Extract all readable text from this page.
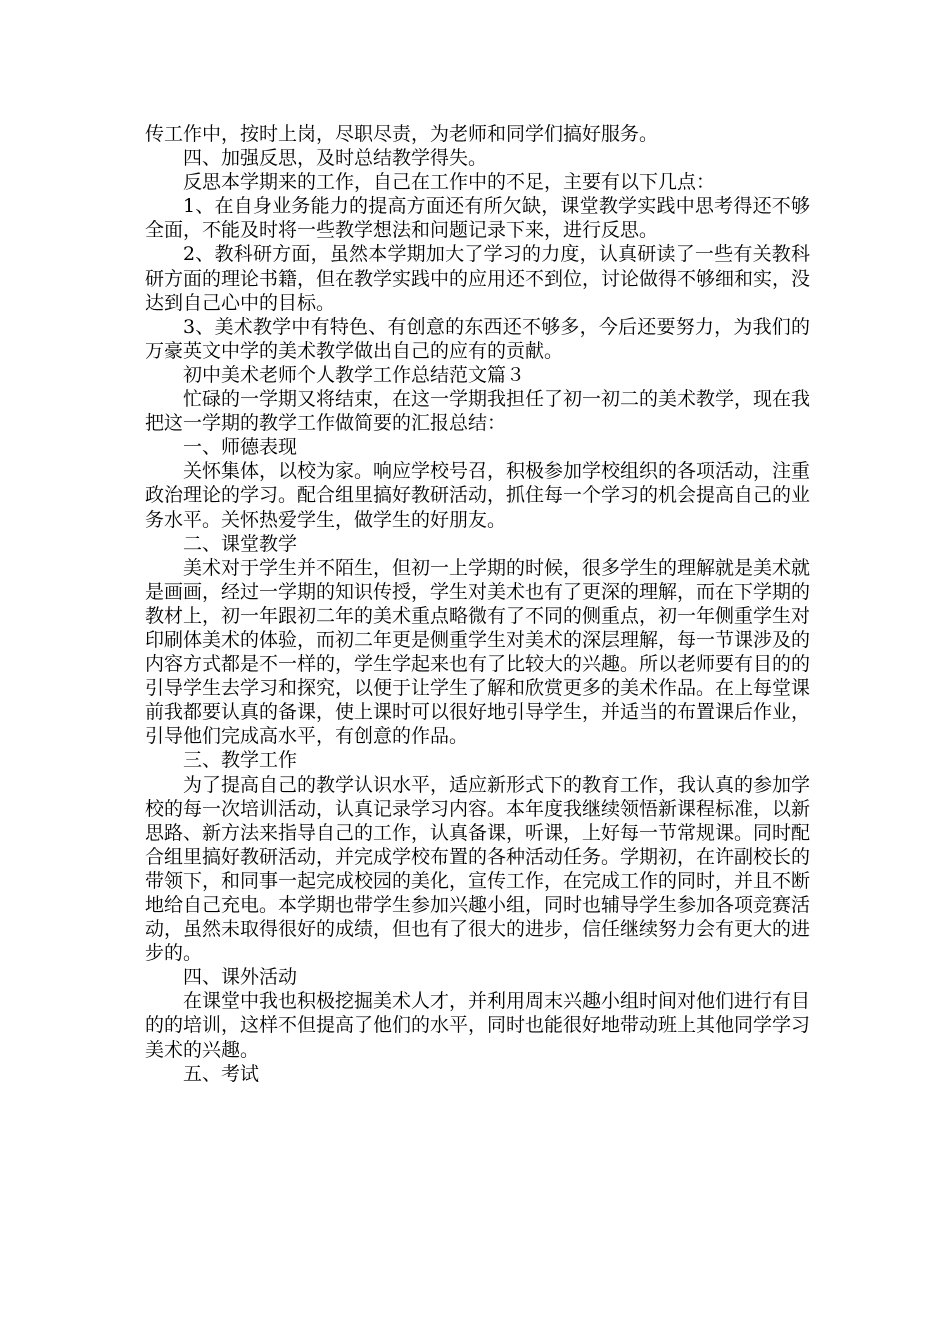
传工作中，按时上岗，尽职尽责，为老师和同学们搞好服务。

四、加强反思，及时总结教学得失。

反思本学期来的工作，自己在工作中的不足，主要有以下几点：

1、在自身业务能力的提高方面还有所欠缺，课堂教学实践中思考得还不够全面，不能及时将一些教学想法和问题记录下来，进行反思。

2、教科研方面，虽然本学期加大了学习的力度，认真研读了一些有关教科研方面的理论书籍，但在教学实践中的应用还不到位，讨论做得不够细和实，没达到自己心中的目标。

3、美术教学中有特色、有创意的东西还不够多，今后还要努力，为我们的万豪英文中学的美术教学做出自己的应有的贡献。

初中美术老师个人教学工作总结范文篇３

忙碌的一学期又将结束，在这一学期我担任了初一初二的美术教学，现在我把这一学期的教学工作做简要的汇报总结：

一、师德表现

关怀集体，以校为家。响应学校号召，积极参加学校组织的各项活动，注重政治理论的学习。配合组里搞好教研活动，抓住每一个学习的机会提高自己的业务水平。关怀热爱学生，做学生的好朋友。

二、课堂教学

美术对于学生并不陌生，但初一上学期的时候，很多学生的理解就是美术就是画画，经过一学期的知识传授，学生对美术也有了更深的理解，而在下学期的教材上，初一年跟初二年的美术重点略微有了不同的侧重点，初一年侧重学生对印刷体美术的体验，而初二年更是侧重学生对美术的深层理解，每一节课涉及的内容方式都是不一样的，学生学起来也有了比较大的兴趣。所以老师要有目的的引导学生去学习和探究，以便于让学生了解和欣赏更多的美术作品。在上每堂课前我都要认真的备课，使上课时可以很好地引导学生，并适当的布置课后作业，引导他们完成高水平，有创意的作品。

三、教学工作

为了提高自己的教学认识水平，适应新形式下的教育工作，我认真的参加学校的每一次培训活动，认真记录学习内容。本年度我继续领悟新课程标准，以新思路、新方法来指导自己的工作，认真备课，听课，上好每一节常规课。同时配合组里搞好教研活动，并完成学校布置的各种活动任务。学期初，在许副校长的带领下，和同事一起完成校园的美化，宣传工作，在完成工作的同时，并且不断地给自己充电。本学期也带学生参加兴趣小组，同时也辅导学生参加各项竞赛活动，虽然未取得很好的成绩，但也有了很大的进步，信任继续努力会有更大的进步的。

四、课外活动

在课堂中我也积极挖掘美术人才，并利用周末兴趣小组时间对他们进行有目的的培训，这样不但提高了他们的水平，同时也能很好地带动班上其他同学学习美术的兴趣。

五、考试
